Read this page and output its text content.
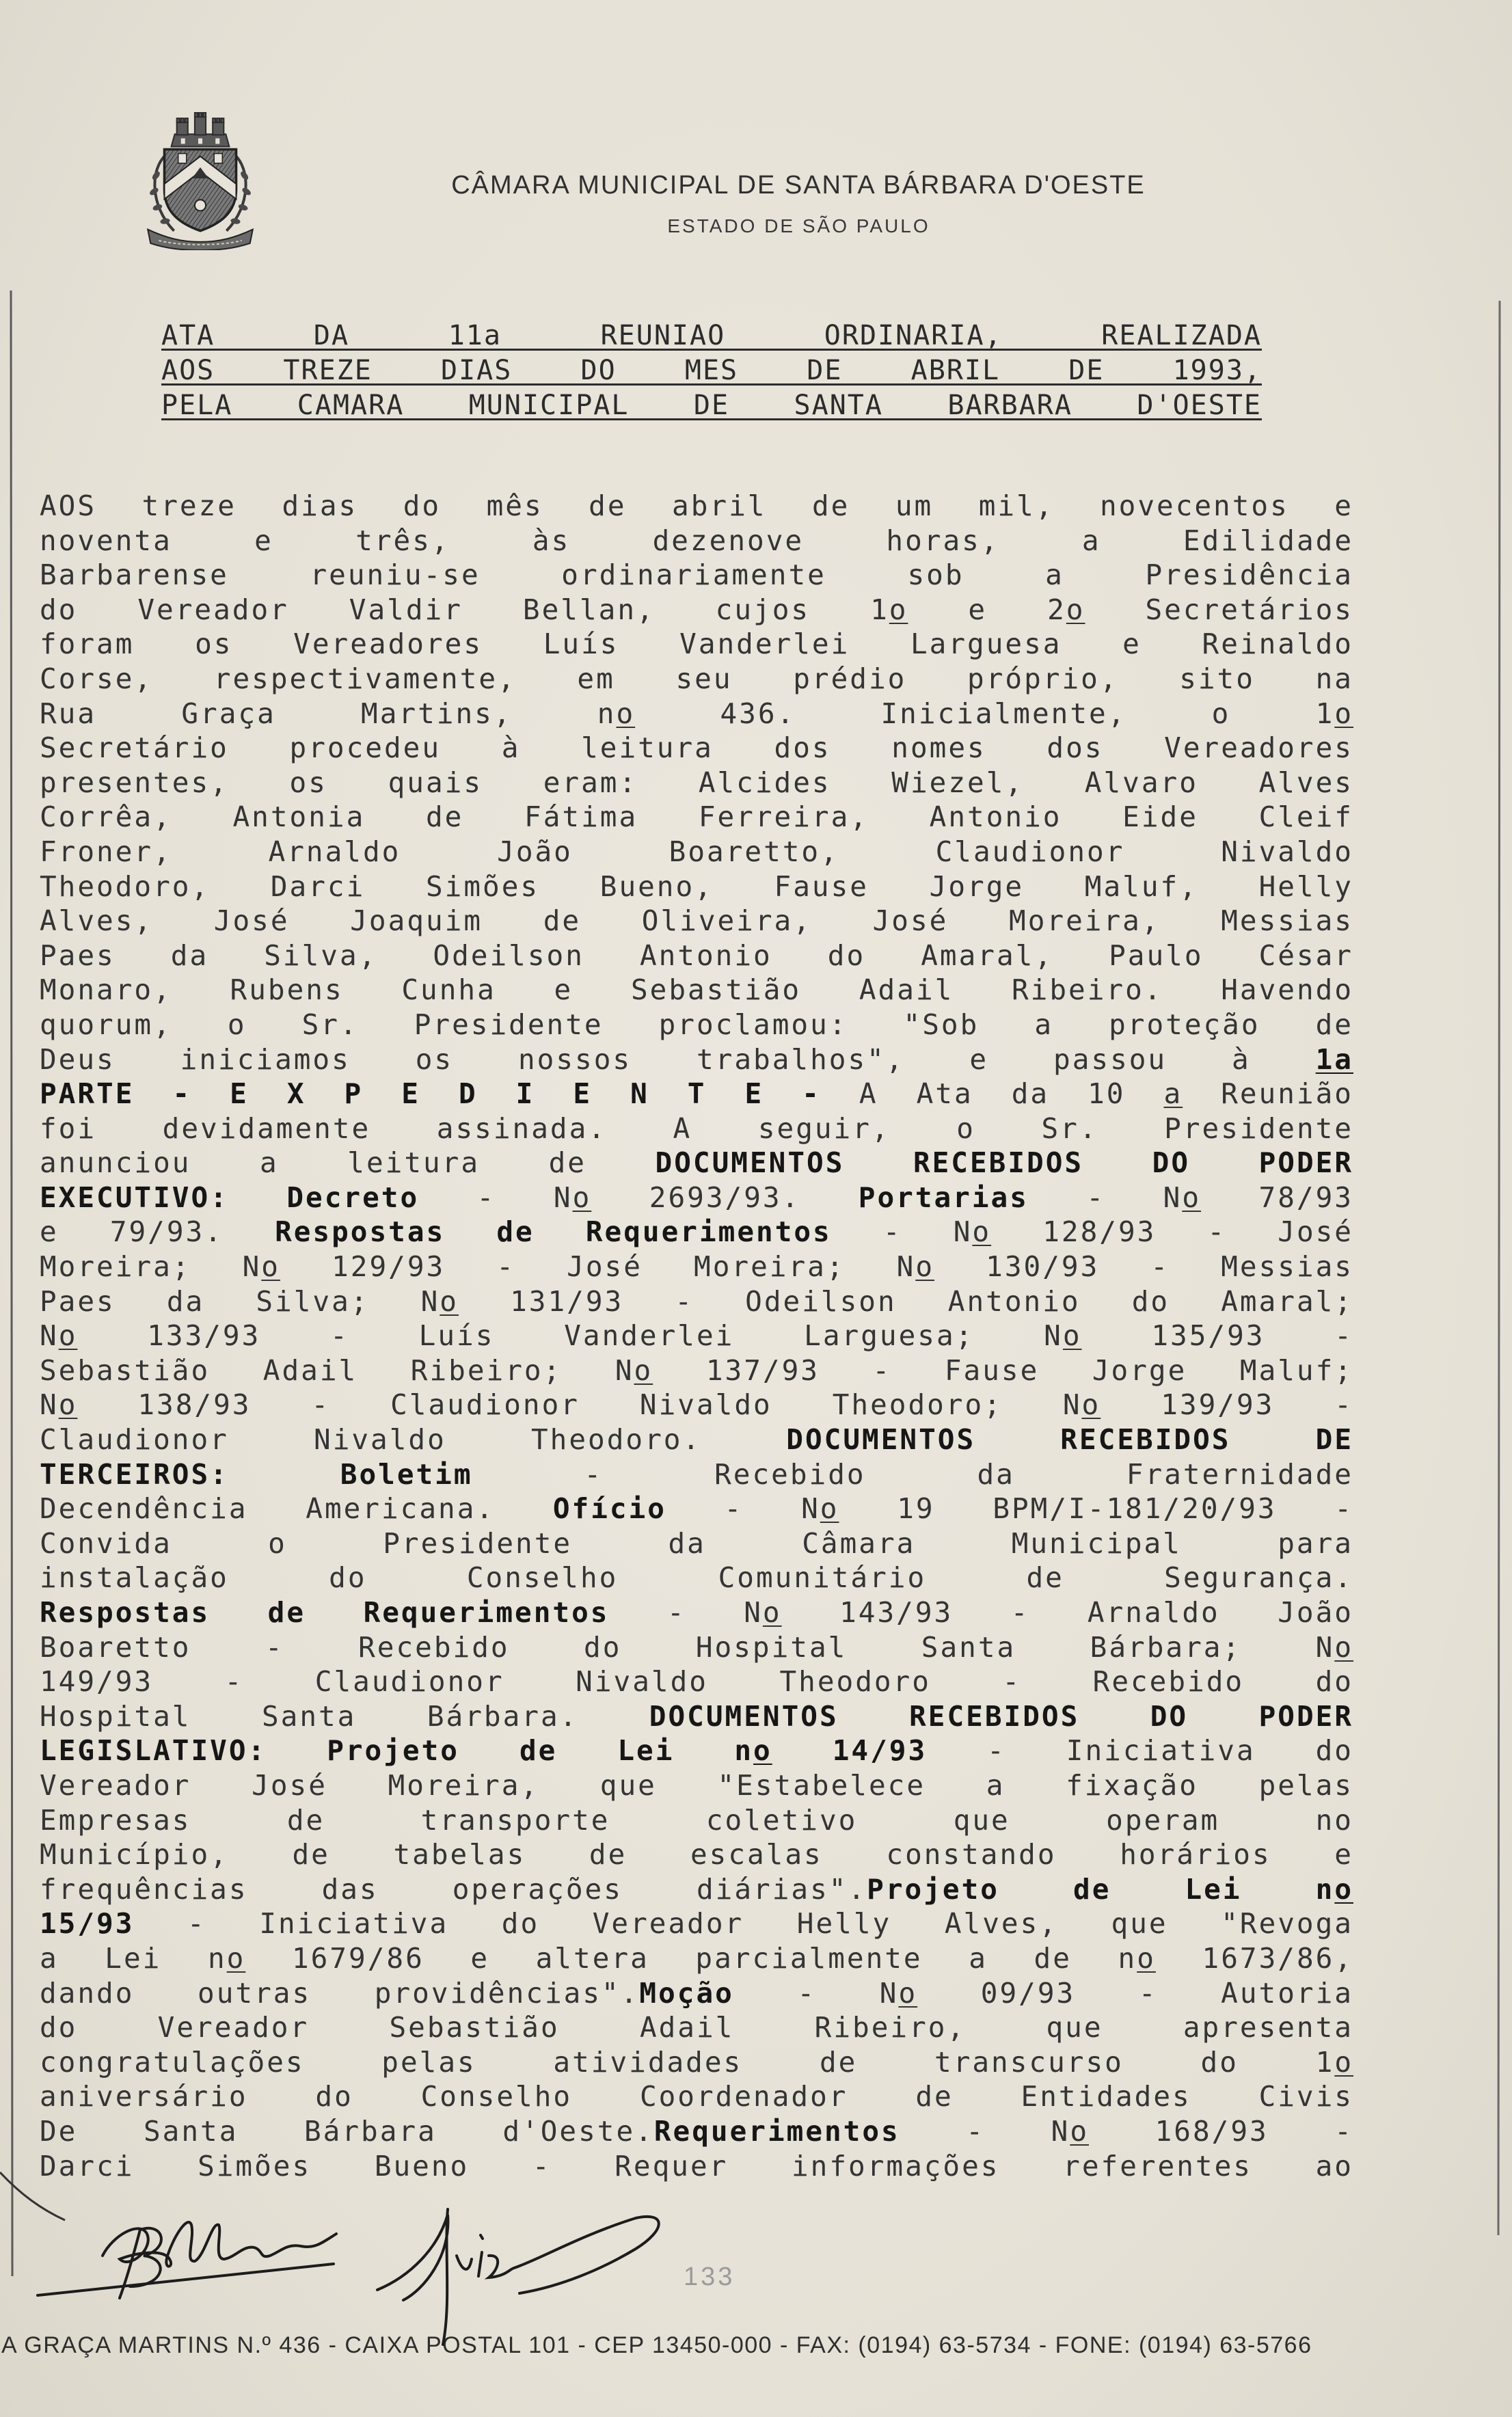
CÂMARA MUNICIPAL DE SANTA BÁRBARA D'OESTE
ESTADO DE SÃO PAULO
ATA DA 11a REUNIAO ORDINARIA, REALIZADA
AOS TREZE DIAS DO MES DE ABRIL DE 1993,
PELA CAMARA MUNICIPAL DE SANTA BARBARA D'OESTE
AOS treze dias do mês de abril de um mil, novecentos e
noventa e três, às dezenove horas, a Edilidade
Barbarense reuniu-se ordinariamente sob a Presidência
do Vereador Valdir Bellan, cujos 1o e 2o Secretários
foram os Vereadores Luís Vanderlei Larguesa e Reinaldo
Corse, respectivamente, em seu prédio próprio, sito na
Rua Graça Martins, no 436. Inicialmente, o 1o
Secretário procedeu à leitura dos nomes dos Vereadores
presentes, os quais eram: Alcides Wiezel, Alvaro Alves
Corrêa, Antonia de Fátima Ferreira, Antonio Eide Cleif
Froner, Arnaldo João Boaretto, Claudionor Nivaldo
Theodoro, Darci Simões Bueno, Fause Jorge Maluf, Helly
Alves, José Joaquim de Oliveira, José Moreira, Messias
Paes da Silva, Odeilson Antonio do Amaral, Paulo César
Monaro, Rubens Cunha e Sebastião Adail Ribeiro. Havendo
quorum, o Sr. Presidente proclamou: "Sob a proteção de
Deus iniciamos os nossos trabalhos", e passou à 1a
PARTE - E X P E D I E N T E - A Ata da 10 a Reunião
foi devidamente assinada. A seguir, o Sr. Presidente
anunciou a leitura de DOCUMENTOS RECEBIDOS DO PODER
EXECUTIVO: Decreto - No 2693/93. Portarias - No 78/93
e 79/93. Respostas de Requerimentos - No 128/93 - José
Moreira; No 129/93 - José Moreira; No 130/93 - Messias
Paes da Silva; No 131/93 - Odeilson Antonio do Amaral;
No 133/93 - Luís Vanderlei Larguesa; No 135/93 -
Sebastião Adail Ribeiro; No 137/93 - Fause Jorge Maluf;
No 138/93 - Claudionor Nivaldo Theodoro; No 139/93 -
Claudionor Nivaldo Theodoro. DOCUMENTOS RECEBIDOS DE
TERCEIROS: Boletim - Recebido da Fraternidade
Decendência Americana. Ofício - No 19 BPM/I-181/20/93 -
Convida o Presidente da Câmara Municipal para
instalação do Conselho Comunitário de Segurança.
Respostas de Requerimentos - No 143/93 - Arnaldo João
Boaretto - Recebido do Hospital Santa Bárbara; No
149/93 - Claudionor Nivaldo Theodoro - Recebido do
Hospital Santa Bárbara. DOCUMENTOS RECEBIDOS DO PODER
LEGISLATIVO: Projeto de Lei no 14/93 - Iniciativa do
Vereador José Moreira, que "Estabelece a fixação pelas
Empresas de transporte coletivo que operam no
Município, de tabelas de escalas constando horários e
frequências das operações diárias".Projeto de Lei no
15/93 - Iniciativa do Vereador Helly Alves, que "Revoga
a Lei no 1679/86 e altera parcialmente a de no 1673/86,
dando outras providências".Moção - No 09/93 - Autoria
do Vereador Sebastião Adail Ribeiro, que apresenta
congratulações pelas atividades de transcurso do 1o
aniversário do Conselho Coordenador de Entidades Civis
De Santa Bárbara d'Oeste.Requerimentos - No 168/93 -
Darci Simões Bueno - Requer informações referentes ao
133
A GRAÇA MARTINS N.º 436 - CAIXA POSTAL 101 - CEP 13450-000 - FAX: (0194) 63-5734 - FONE: (0194) 63-5766
